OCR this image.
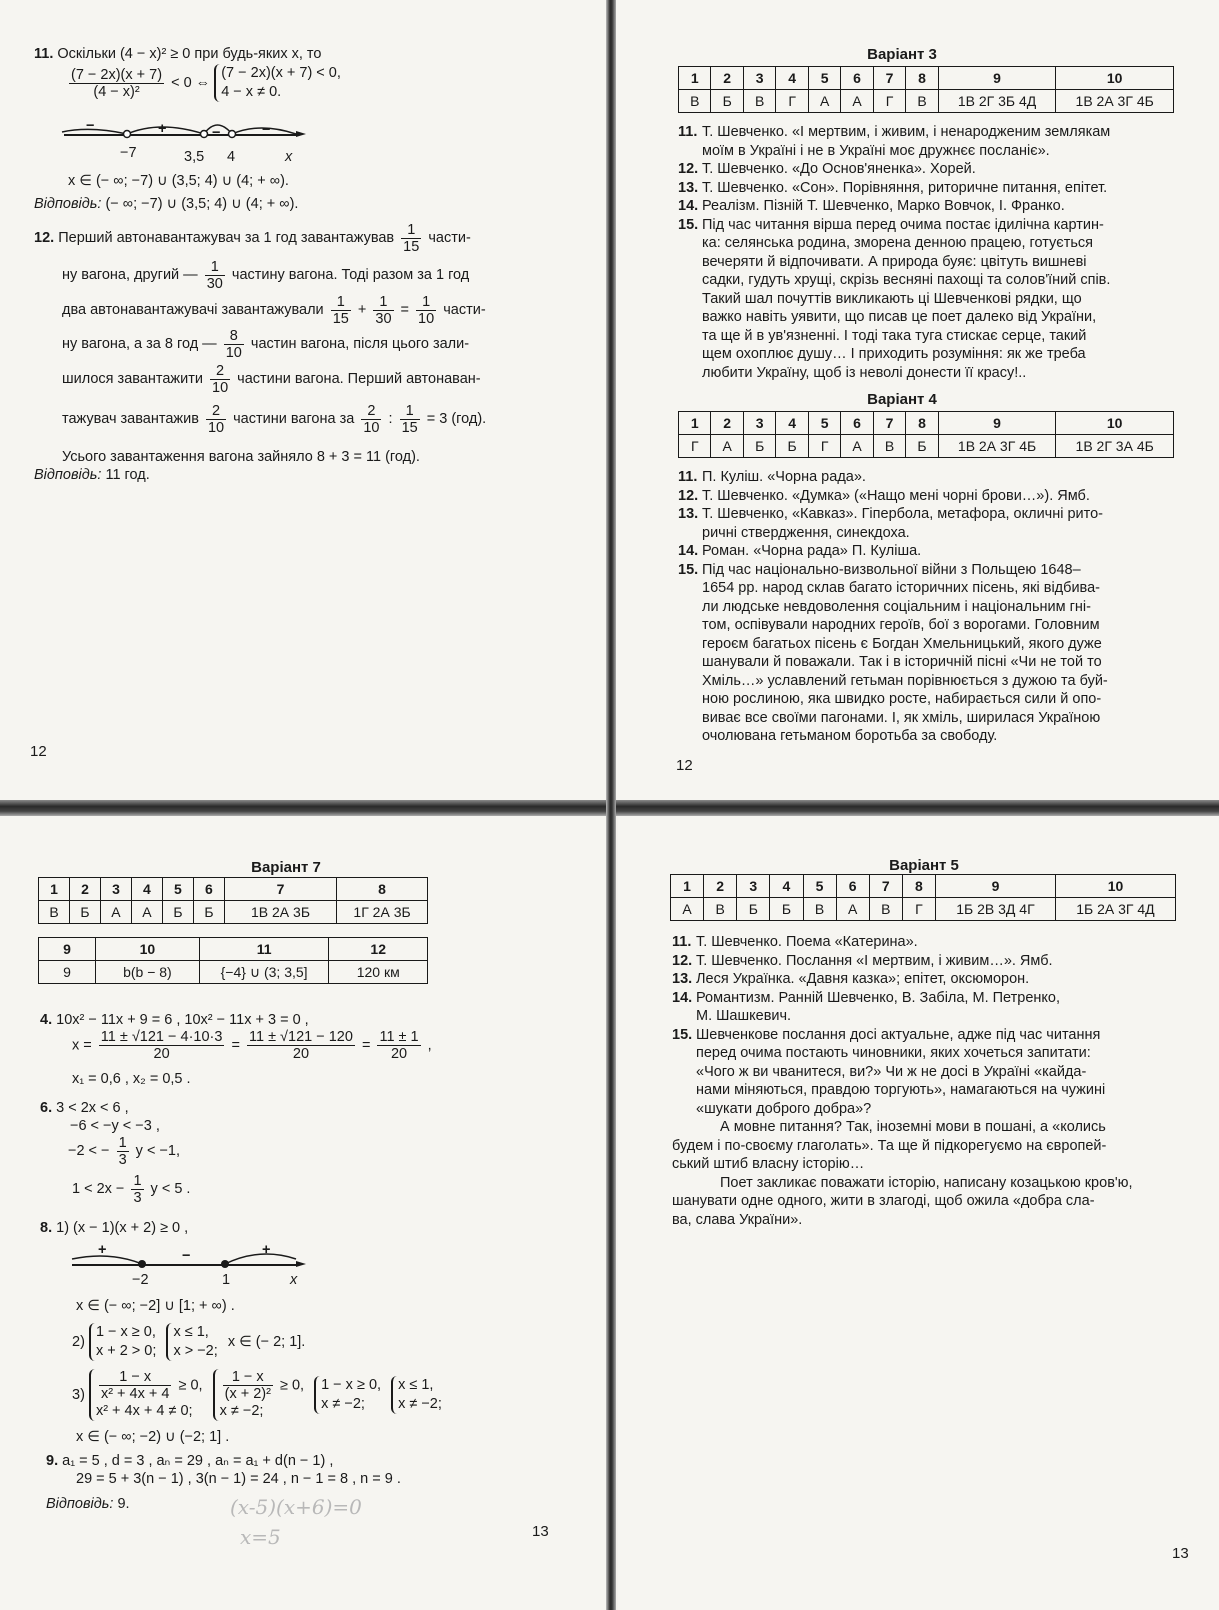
11. Оскільки (4 − x)² ≥ 0 при будь-яких x, то
$\frac{(7 - 2x)(x + 7)}{\text{(4 − x)²}} < 0$ ⇔ (7 − 2x)(x + 7) < 0,
4 − x ≠ 0.
−	+	−	−
−7	3,5 4	x
x ∈ (− ∞; −7) ∪ (3,5; 4) ∪ (4; + ∞).
Відповідь: (− ∞; −7) ∪ (3,5; 4) ∪ (4; + ∞).
12. Перший автонавантажувач за 1 год завантажував $\frac{1}{15}$ части-
ну вагона, другий — $\frac{1}{30}$ частину вагона. Тоді разом за 1 год
два автонавантажувачі завантажували $\frac{1}{15} + \frac{1}{30} = \frac{1}{10}$ части-
ну вагона, а за 8 год — $\frac{8}{10}$ частин вагона, після цього зали-
шилося завантажити $\frac{2}{10}$ частини вагона. Перший автонаван-
тажувач завантажив $\frac{2}{10}$ частини вагона за $\frac{2}{10}$ : $\frac{1}{15} = 3$ (год).
Усього завантаження вагона зайняло 8 + 3 = 11 (год).
Відповідь: 11 год.
12
Варіант 3
1	2	3	4	5	6	7	8	9	10
В	Б	В	Г	А	А	Г	В	1В 2Г 3Б 4Д	1В 2А 3Г 4Б
11. Т. Шевченко. «І мертвим, і живим, і ненародженим землякам
моїм в Україні і не в Україні моє дружнєє посланіє».
12. Т. Шевченко. «До Основ'яненка». Хорей.
13. Т. Шевченко. «Сон». Порівняння, риторичне питання, епітет.
14. Реалізм. Пізній Т. Шевченко, Марко Вовчок, І. Франко.
15. Під час читання вірша перед очима постає ідилічна картин-
ка: селянська родина, зморена денною працею, готується
вечеряти й відпочивати. А природа буяє: цвітуть вишневі
садки, гудуть хрущі, скрізь весняні пахощі та солов'їний спів.
Такий шал почуттів викликають ці Шевченкові рядки, що
важко навіть уявити, що писав це поет далеко від України,
та ще й в ув'язненні. І тоді така туга стискає серце, такий
щем охоплює душу… І приходить розуміння: як же треба
любити Україну, щоб із неволі донести її красу!..
Варіант 4
1	2	3	4	5	6	7	8	9	10
Г	А	Б	Б	Г	А	В	Б	1В 2А 3Г 4Б	1В 2Г 3А 4Б
11. П. Куліш. «Чорна рада».
12. Т. Шевченко. «Думка» («Нащо мені чорні брови…»). Ямб.
13. Т. Шевченко, «Кавказ». Гіпербола, метафора, окличні рито-
ричні ствердження, синекдоха.
14. Роман. «Чорна рада» П. Куліша.
15. Під час національно-визвольної війни з Польщею 1648–
1654 рр. народ склав багато історичних пісень, які відбива-
ли людське невдоволення соціальним і національним гні-
том, оспівували народних героїв, бої з ворогами. Головним
героєм багатьох пісень є Богдан Хмельницький, якого дуже
шанували й поважали. Так і в історичній пісні «Чи не той то
Хміль…» уславлений гетьман порівнюється з дужою та буй-
ною рослиною, яка швидко росте, набирається сили й опо-
виває все своїми пагонами. І, як хміль, ширилася Україною
очолювана гетьманом боротьба за свободу.
12
Варіант 7
1	2	3	4	5	6	7	8
В	Б	А	А	Б	Б	1В 2А 3Б	1Г 2А 3Б
9	10	11	12
9	b(b − 8)	{−4} ∪ (3; 3,5]	120 км
4. 10x² − 11x + 9 = 6 , 10x² − 11x + 3 = 0 ,
$x = \frac{11 \pm √121 - 4\cdot 10\cdot 3}{20} = \frac{11 \pm √121 - 120}{20} = \frac{11 \pm 1}{20}$ ,
x₁ = 0,6 , x₂ = 0,5 .
6. 3 < 2x < 6 ,
−6 < −y < −3 ,
−2 < − $\frac{1}{3}$ y < −1,
$1 < 2x - \frac{1}{3}$ y < 5 .
8. 1) (x − 1)(x + 2) ≥ 0 ,
+	−	+
−2	1	x
x ∈ (− ∞; −2] ∪ [1; + ∞) .
2) 1 − x ≥ 0,
x + 2 > 0; x ≤ 1,
x > −2; x ∈ (− 2; 1].
$3) \frac{1 - x}{\text{x² + 4x + 4}} \ge 0$,
x² + 4x + 4 ≠ 0;
$\frac{1 - x}{\text{(x + 2)²}} \ge 0$,
x ≠ −2; 1 − x ≥ 0,
x ≠ −2; x ≤ 1,
x ≠ −2;
x ∈ (− ∞; −2) ∪ (−2; 1] .
9. a₁ = 5 , d = 3 , aₙ = 29 , aₙ = a₁ + d(n − 1) ,
29 = 5 + 3(n − 1) , 3(n − 1) = 24 , n − 1 = 8 , n = 9 .
Відповідь: 9.	(x-5)(x+6)=0
x=5	13
Варіант 5
1	2	3	4	5	6	7	8	9	10
А	В	Б	Б	В	А	В	Г	1Б 2В 3Д 4Г	1Б 2А 3Г 4Д
11. Т. Шевченко. Поема «Катерина».
12. Т. Шевченко. Послання «І мертвим, і живим…». Ямб.
13. Леся Українка. «Давня казка»; епітет, оксюморон.
14. Романтизм. Ранній Шевченко, В. Забіла, М. Петренко,
М. Шашкевич.
15. Шевченкове послання досі актуальне, адже під час читання
перед очима постають чиновники, яких хочеться запитати:
«Чого ж ви чванитеся, ви?» Чи ж не досі в Україні «кайда-
нами міняються, правдою торгують», намагаються на чужині
«шукати доброго добра»?
А мовне питання? Так, іноземні мови в пошані, а «колись
будем і по-своєму глаголать». Та ще й підкорегуємо на європей-
ський штиб власну історію…
Поет закликає поважати історію, написану козацькою кров'ю,
шанувати одне одного, жити в злагоді, щоб ожила «добра сла-
ва, слава України».
13
